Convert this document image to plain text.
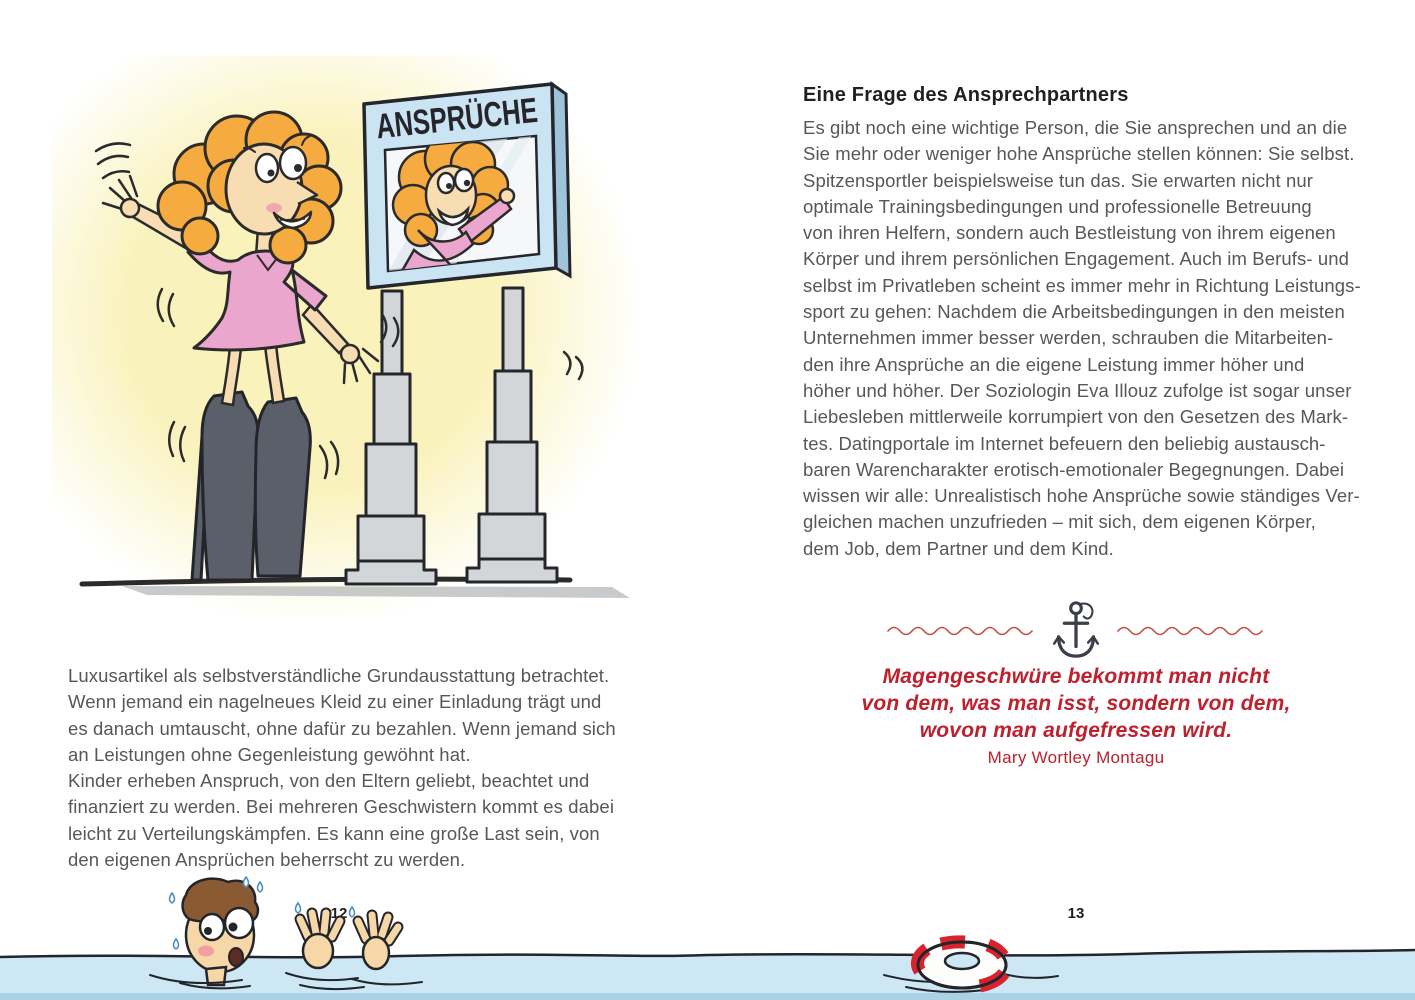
ANSPRÜCHE
Luxusartikel als selbstverständliche Grundausstattung betrachtet.
Wenn jemand ein nagelneues Kleid zu einer Einladung trägt und
es danach umtauscht, ohne dafür zu bezahlen. Wenn jemand sich
an Leistungen ohne Gegenleistung gewöhnt hat.
Kinder erheben Anspruch, von den Eltern geliebt, beachtet und
finanziert zu werden. Bei mehreren Geschwistern kommt es dabei
leicht zu Verteilungskämpfen. Es kann eine große Last sein, von
den eigenen Ansprüchen beherrscht zu werden.
12
Eine Frage des Ansprechpartners
Es gibt noch eine wichtige Person, die Sie ansprechen und an die
Sie mehr oder weniger hohe Ansprüche stellen können: Sie selbst.
Spitzensportler beispielsweise tun das. Sie erwarten nicht nur
optimale Trainingsbedingungen und professionelle Betreuung
von ihren Helfern, sondern auch Bestleistung von ihrem eigenen
Körper und ihrem persönlichen Engagement. Auch im Berufs- und
selbst im Privatleben scheint es immer mehr in Richtung Leistungs-
sport zu gehen: Nachdem die Arbeitsbedingungen in den meisten
Unternehmen immer besser werden, schrauben die Mitarbeiten-
den ihre Ansprüche an die eigene Leistung immer höher und
höher und höher. Der Soziologin Eva Illouz zufolge ist sogar unser
Liebesleben mittlerweile korrumpiert von den Gesetzen des Mark-
tes. Datingportale im Internet befeuern den beliebig austausch-
baren Warencharakter erotisch-emotionaler Begegnungen. Dabei
wissen wir alle: Unrealistisch hohe Ansprüche sowie ständiges Ver-
gleichen machen unzufrieden – mit sich, dem eigenen Körper,
dem Job, dem Partner und dem Kind.
Magengeschwüre bekommt man nicht
von dem, was man isst, sondern von dem,
wovon man aufgefressen wird.
Mary Wortley Montagu
13
